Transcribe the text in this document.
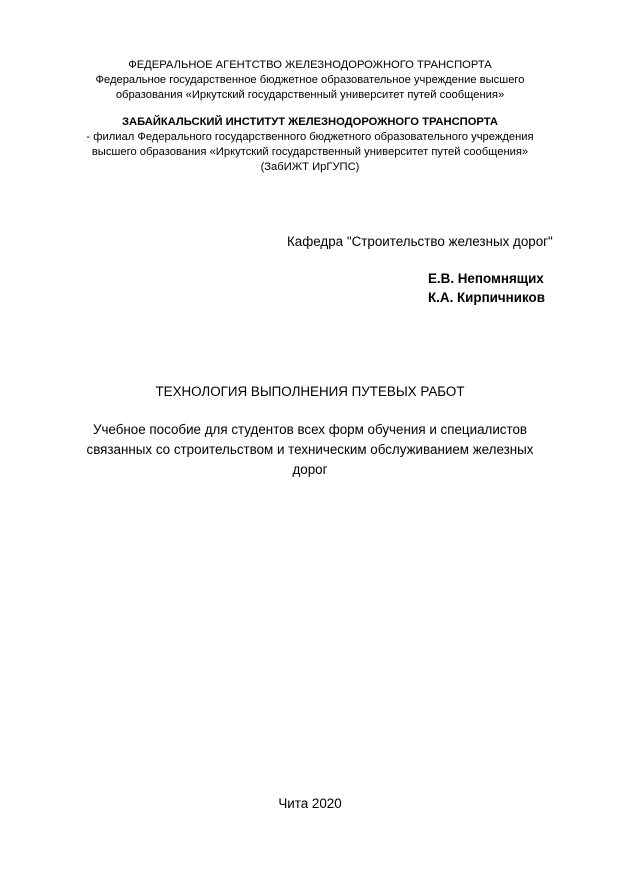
ФЕДЕРАЛЬНОЕ АГЕНТСТВО ЖЕЛЕЗНОДОРОЖНОГО ТРАНСПОРТА
Федеральное государственное бюджетное образовательное учреждение высшего
образования «Иркутский государственный университет путей сообщения»
ЗАБАЙКАЛЬСКИЙ ИНСТИТУТ ЖЕЛЕЗНОДОРОЖНОГО ТРАНСПОРТА
- филиал Федерального государственного бюджетного образовательного учреждения
высшего образования «Иркутский государственный университет путей сообщения»
(ЗабИЖТ ИрГУПС)
Кафедра "Строительство железных дорог"
Е.В. Непомнящих
К.А. Кирпичников
ТЕХНОЛОГИЯ ВЫПОЛНЕНИЯ ПУТЕВЫХ РАБОТ
Учебное пособие для студентов всех форм обучения и специалистов
связанных со строительством и техническим обслуживанием железных
дорог
Чита 2020
